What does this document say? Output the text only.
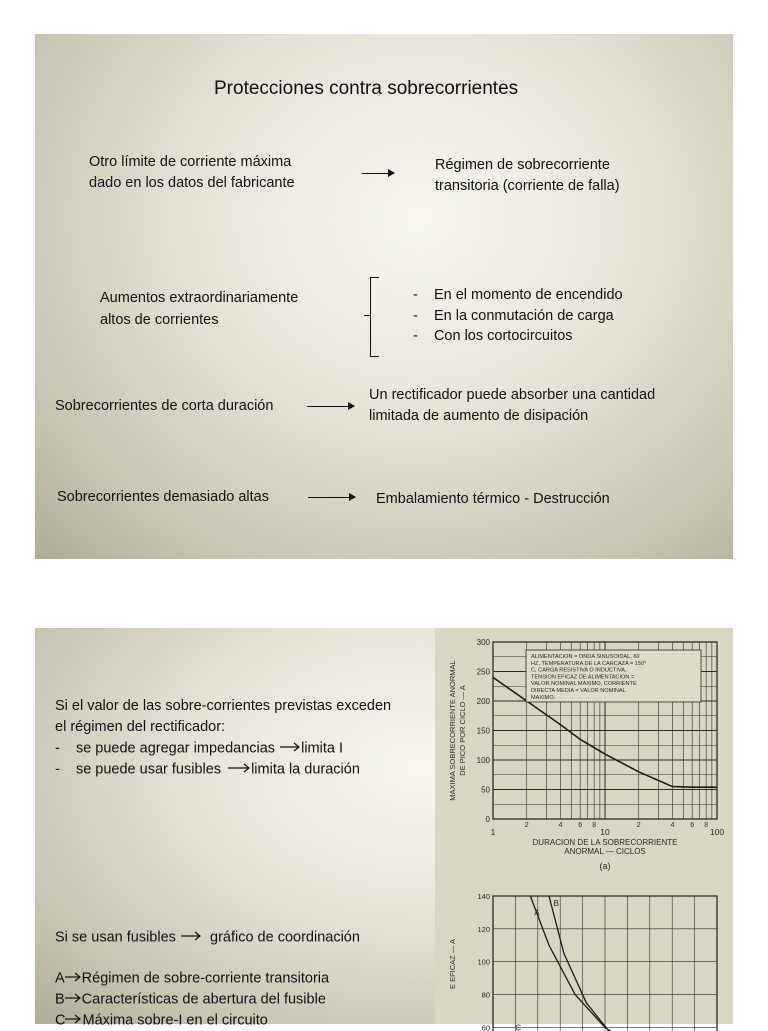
Protecciones contra sobrecorrientes
Otro límite de corriente máxima
dado en los datos del fabricante
Régimen de sobrecorriente
transitoria (corriente de falla)
Aumentos extraordinariamente
altos de corrientes
-    En el momento de encendido
-    En la conmutación de carga
-    Con los cortocircuitos
Sobrecorrientes de corta duración
Un rectificador puede absorber una cantidad
limitada de aumento de disipación
Sobrecorrientes demasiado altas	Embalamiento térmico - Destrucción
Si el valor de las sobre-corrientes previstas exceden
el régimen del rectificador:
-    se puede agregar impedancias limita I
-    se puede usar fusibles limita la duración
Si se usan fusibles gráfico de coordinación
A Régimen de sobre-corriente transitoria
B Características de abertura del fusible
C Máxima sobre-I en el circuito
0
50
100
150
200
250
300
1
2	4 6 8
10
2	4 6 8
100
ALIMENTACION = ONDA SINUSOIDAL, 60
HZ, TEMPERATURA DE LA CARCAZA = 150°
C, CARGA RESISTIVA O INDUCTIVA,
TENSION EFICAZ DE ALIMENTACION =
VALOR NOMINAL MAXIMO, CORRIENTE
DIRECTA MEDIA = VALOR NOMINAL
MAXIMO.
MAXIMA SOBRECORRIENTE ANORMAL DE PICO POR CICLO — A
DURACION DE LA SOBRECORRIENTE
ANORMAL — CICLOS
(a)
60
80
100
120
140
E EFICAZ — A
A
B
C
